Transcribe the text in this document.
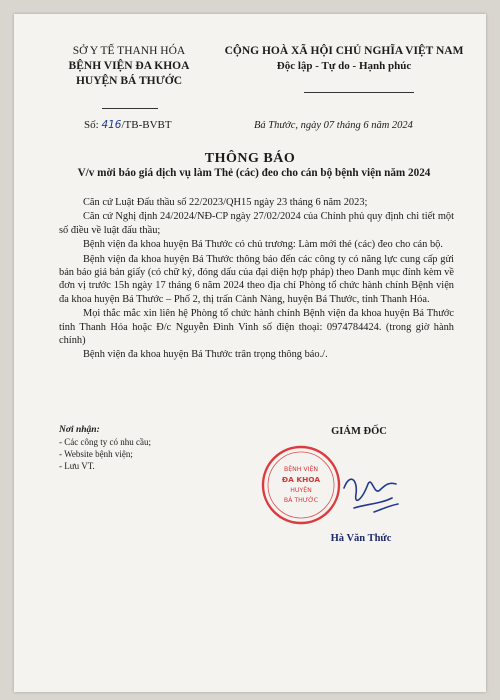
SỞ Y TẾ THANH HÓA
BỆNH VIỆN ĐA KHOA
HUYỆN BÁ THƯỚC
CỘNG HOÀ XÃ HỘI CHỦ NGHĨA VIỆT NAM
Độc lập - Tự do - Hạnh phúc
Số: 416/TB-BVBT	Bá Thước, ngày 07 tháng 6 năm 2024
THÔNG BÁO
V/v mời báo giá dịch vụ làm Thẻ (các) đeo cho cán bộ bệnh viện năm 2024

Căn cứ Luật Đấu thầu số 22/2023/QH15 ngày 23 tháng 6 năm 2023;

Căn cứ Nghị định 24/2024/NĐ-CP ngày 27/02/2024 của Chính phủ quy định chi tiết một số điều về luật đấu thầu;

Bệnh viện đa khoa huyện Bá Thước có chủ trương: Làm mới thẻ (các) đeo cho cán bộ.

Bệnh viện đa khoa huyện Bá Thước thông báo đến các công ty có năng lực cung cấp gửi bản báo giá bản giấy (có chữ ký, đóng dấu của đại diện hợp pháp) theo Danh mục đính kèm về đơn vị trước 15h ngày 17 tháng 6 năm 2024 theo địa chỉ Phòng tổ chức hành chính Bệnh viện đa khoa huyện Bá Thước – Phố 2, thị trấn Cành Nàng, huyện Bá Thước, tỉnh Thanh Hóa.

Mọi thắc mắc xin liên hệ Phòng tổ chức hành chính Bệnh viện đa khoa huyện Bá Thước tỉnh Thanh Hóa hoặc Đ/c Nguyễn Đình Vinh số điện thoại: 0974784424. (trong giờ hành chính)

Bệnh viện đa khoa huyện Bá Thước trân trọng thông báo./.

Nơi nhận:
- Các công ty có nhu cầu;
- Website bệnh viện;
- Lưu VT.
GIÁM ĐỐC
BỆNH VIỆN
ĐA KHOA
HUYỆN
BÁ THƯỚC
Hà Văn Thức
